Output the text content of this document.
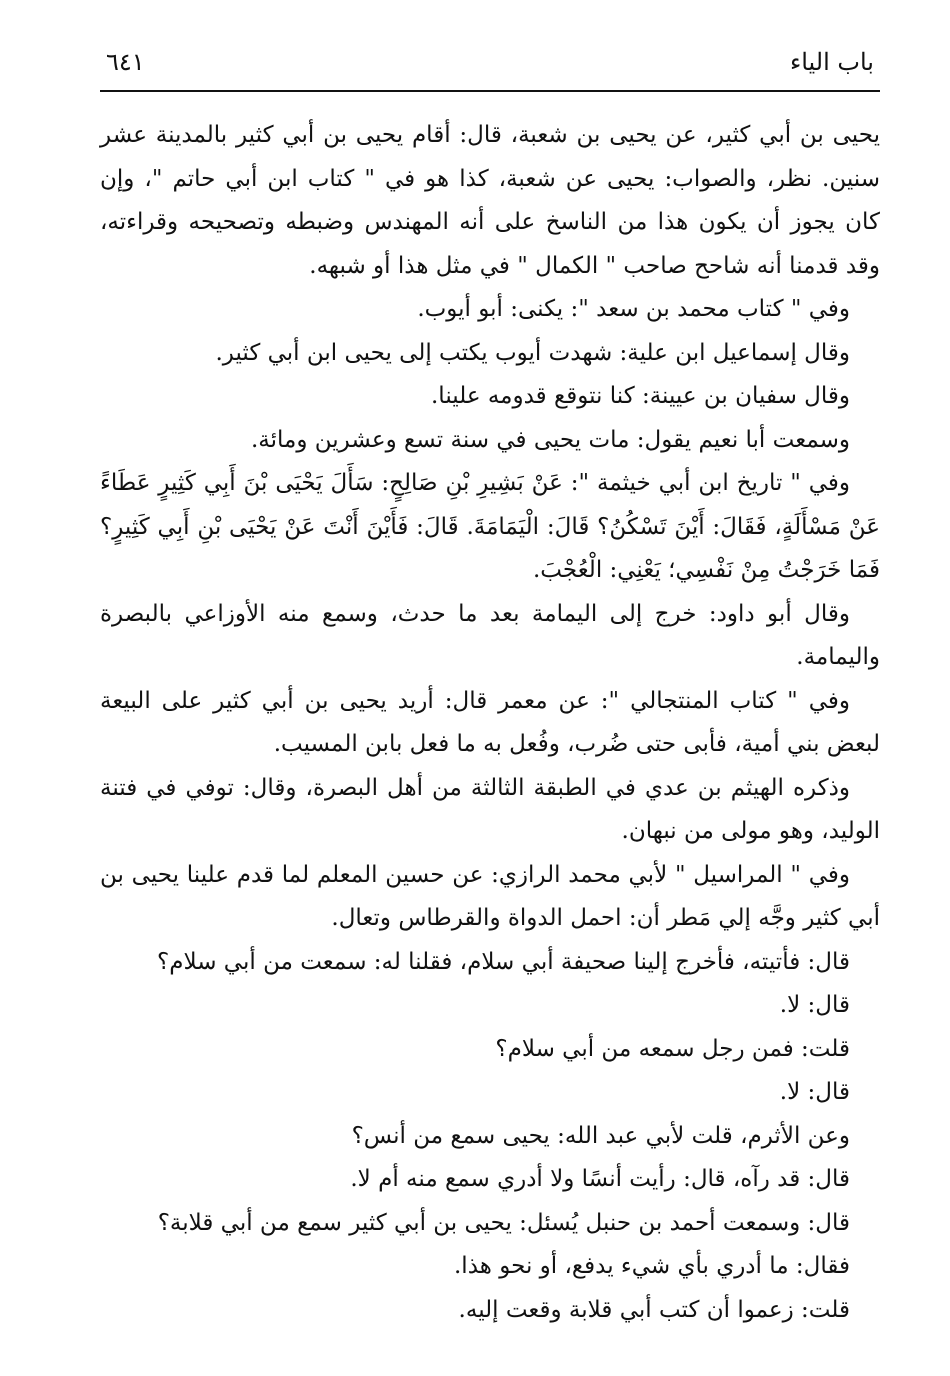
باب الياء
٦٤١

يحيى بن أبي كثير، عن يحيى بن شعبة، قال: أقام يحيى بن أبي كثير بالمدينة عشر سنين. نظر، والصواب: يحيى عن شعبة، كذا هو في " كتاب ابن أبي حاتم "، وإن كان يجوز أن يكون هذا من الناسخ على أنه المهندس وضبطه وتصحيحه وقراءته، وقد قدمنا أنه شاحح صاحب " الكمال " في مثل هذا أو شبهه.

وفي " كتاب محمد بن سعد ": يكنى: أبو أيوب.

وقال إسماعيل ابن علية: شهدت أيوب يكتب إلى يحيى ابن أبي كثير.

وقال سفيان بن عيينة: كنا نتوقع قدومه علينا.

وسمعت أبا نعيم يقول: مات يحيى في سنة تسع وعشرين ومائة.

وفي " تاريخ ابن أبي خيثمة ": عَنْ بَشِيرِ بْنِ صَالِحٍ: سَأَلَ يَحْيَى بْنَ أَبِي كَثِيرٍ عَطَاءً عَنْ مَسْأَلَةٍ، فَقَالَ: أَيْنَ تَسْكُنُ؟ قَالَ: الْيَمَامَةَ. قَالَ: فَأَيْنَ أَنْتَ عَنْ يَحْيَى بْنِ أَبِي كَثِيرٍ؟ فَمَا خَرَجْتُ مِنْ نَفْسِي؛ يَعْنِي: الْعُجْبَ.

وقال أبو داود: خرج إلى اليمامة بعد ما حدث، وسمع منه الأوزاعي بالبصرة واليمامة.

وفي " كتاب المنتجالي ": عن معمر قال: أريد يحيى بن أبي كثير على البيعة لبعض بني أمية، فأبى حتى ضُرب، وفُعل به ما فعل بابن المسيب.

وذكره الهيثم بن عدي في الطبقة الثالثة من أهل البصرة، وقال: توفي في فتنة الوليد، وهو مولى من نبهان.

وفي " المراسيل " لأبي محمد الرازي: عن حسين المعلم لما قدم علينا يحيى بن أبي كثير وجَّه إلي مَطر أن: احمل الدواة والقرطاس وتعال.

قال: فأتيته، فأخرج إلينا صحيفة أبي سلام، فقلنا له: سمعت من أبي سلام؟

قال: لا.

قلت: فمن رجل سمعه من أبي سلام؟

قال: لا.

وعن الأثرم، قلت لأبي عبد الله: يحيى سمع من أنس؟

قال: قد رآه، قال: رأيت أنسًا ولا أدري سمع منه أم لا.

قال: وسمعت أحمد بن حنبل يُسئل: يحيى بن أبي كثير سمع من أبي قلابة؟

فقال: ما أدري بأي شيء يدفع، أو نحو هذا.

قلت: زعموا أن كتب أبي قلابة وقعت إليه.
